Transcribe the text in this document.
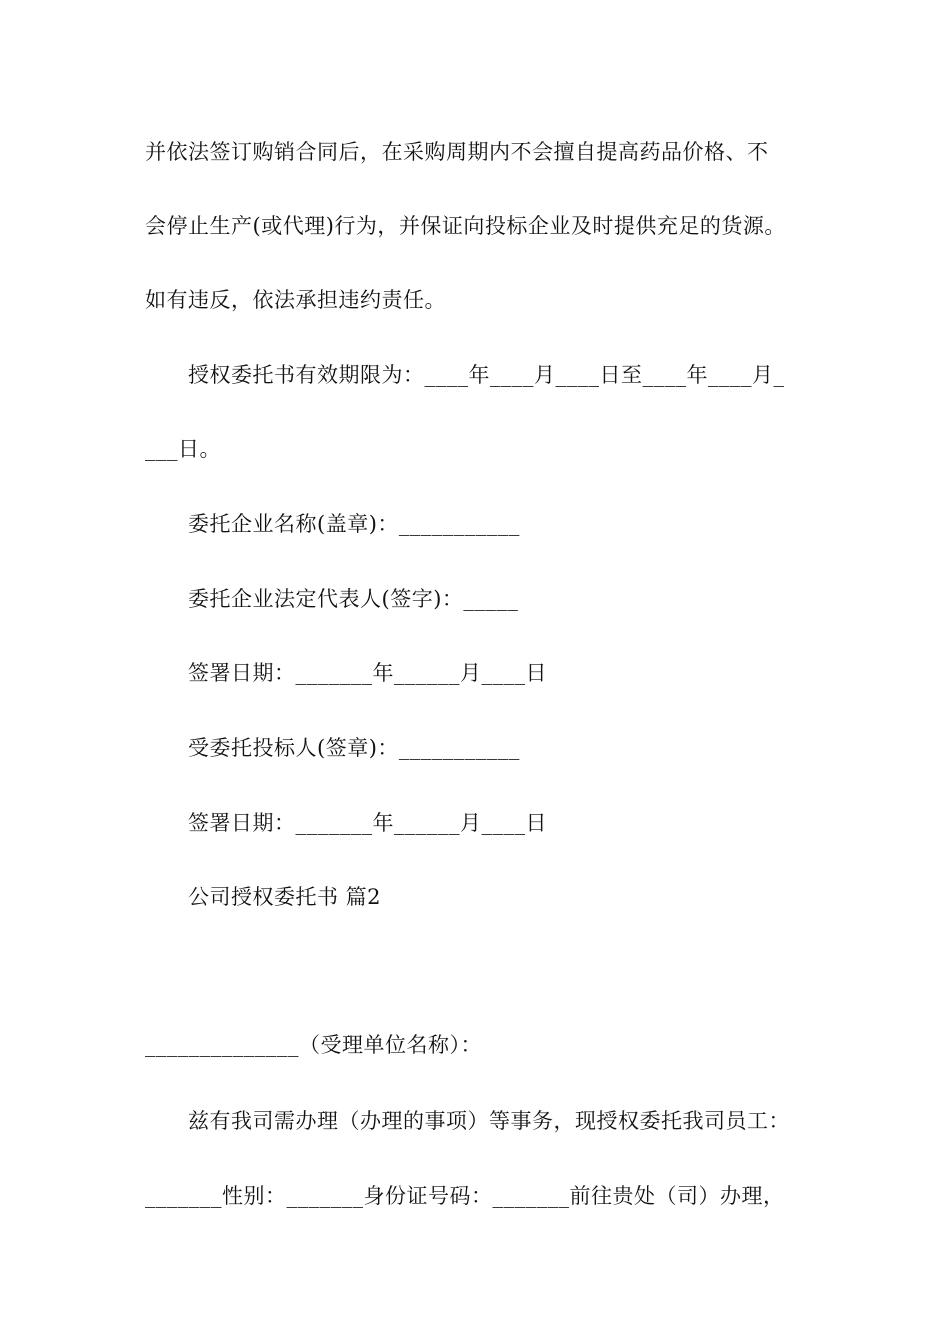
并依法签订购销合同后，在采购周期内不会擅自提高药品价格、不
会停止生产(或代理)行为，并保证向投标企业及时提供充足的货源。
如有违反，依法承担违约责任。
授权委托书有效期限为：____年____月____日至____年____月_
___日。
委托企业名称(盖章)：___________
委托企业法定代表人(签字)：_____
签署日期：_______年______月____日
受委托投标人(签章)：___________
签署日期：_______年______月____日
公司授权委托书 篇2
______________（受理单位名称）：
兹有我司需办理（办理的事项）等事务，现授权委托我司员工：
_______性别：_______身份证号码：_______前往贵处（司）办理，
